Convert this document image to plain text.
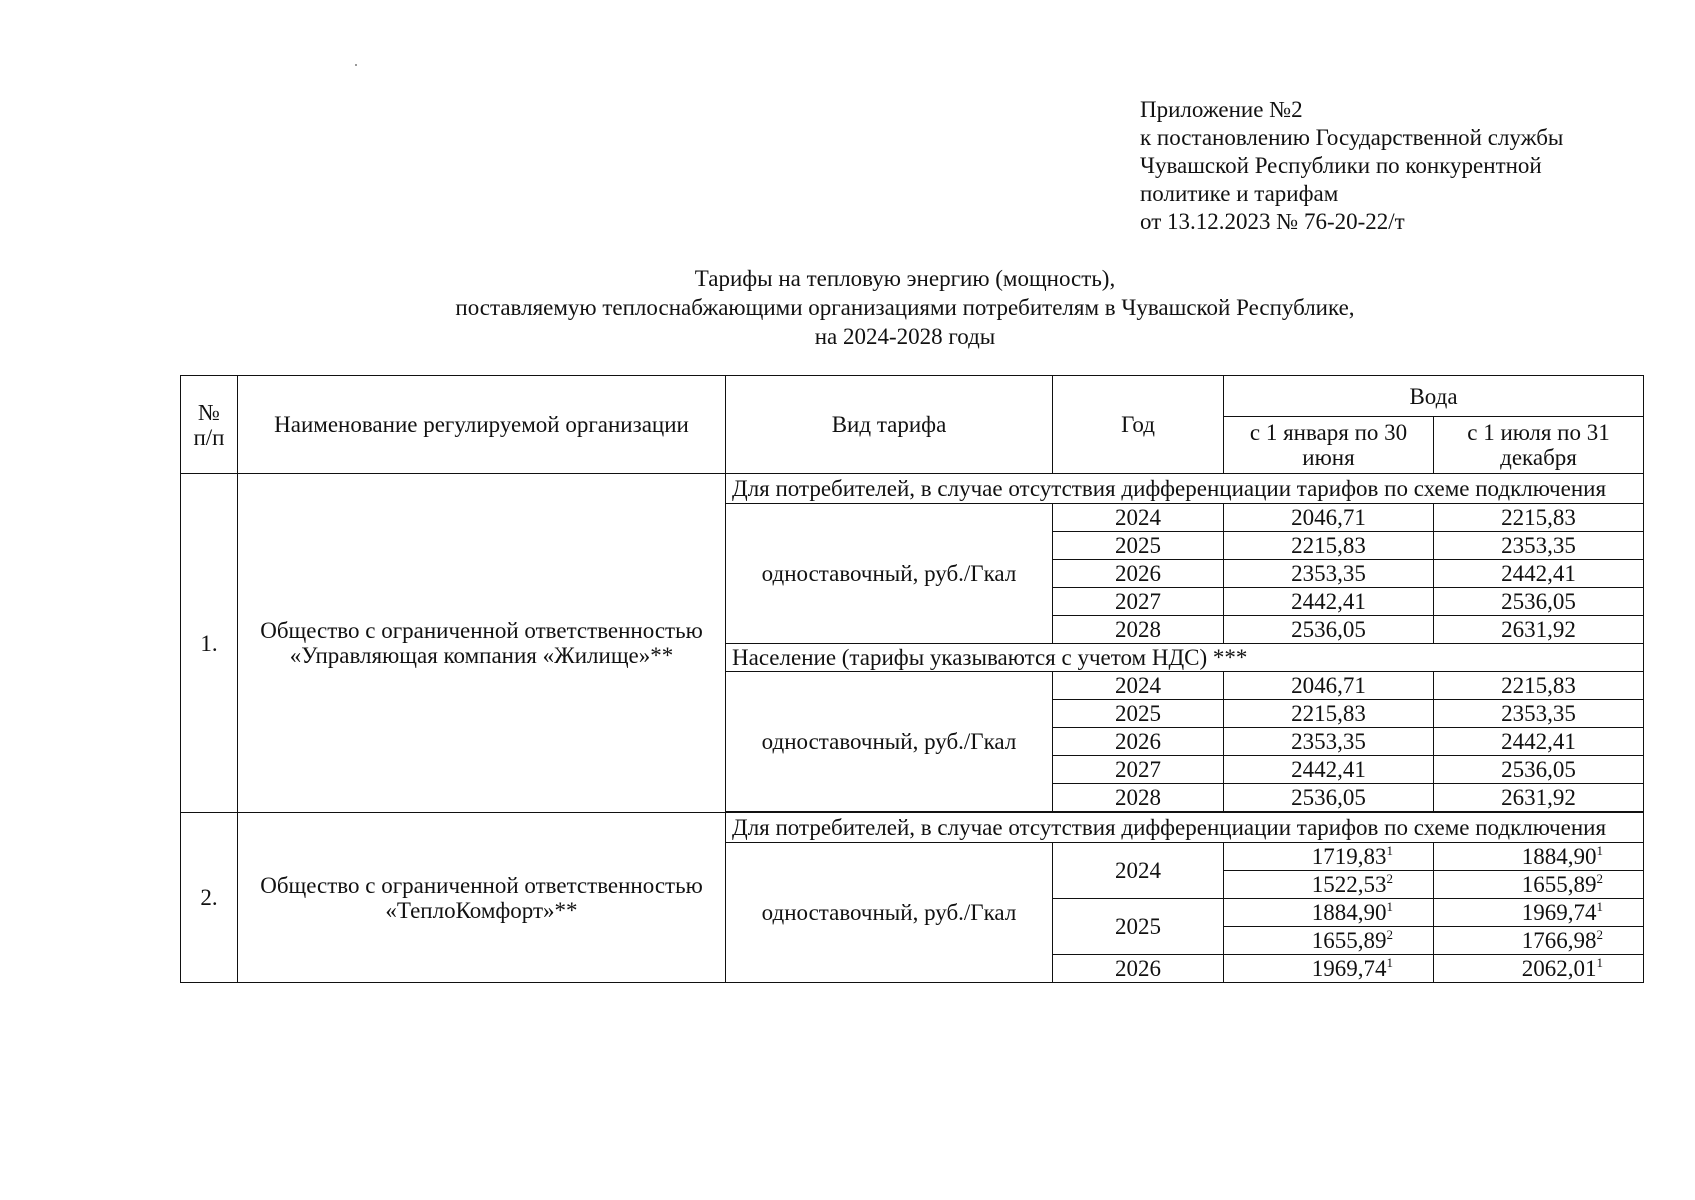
Приложение №2
к постановлению Государственной службы
Чувашской Республики по конкурентной
политике и тарифам
от 13.12.2023 № 76-20-22/т
Тарифы на тепловую энергию (мощность),
поставляемую теплоснабжающими организациями потребителям в Чувашской Республике,
на 2024-2028 годы
№ п/п	Наименование регулируемой организации	Вид тарифа	Год	Вода	
				с 1 января по 30 июня	с 1 июля по 31 декабря
1.	Общество с ограниченной ответственностью «Управляющая компания «Жилище»**	Для потребителей, в случае отсутствия дифференциации тарифов по схеме подключения			
		одноставочный, руб./Гкал	2024	2046,71	2215,83
			2025	2215,83	2353,35
			2026	2353,35	2442,41
			2027	2442,41	2536,05
			2028	2536,05	2631,92
		Население (тарифы указываются с учетом НДС) ***			
		одноставочный, руб./Гкал	2024	2046,71	2215,83
			2025	2215,83	2353,35
			2026	2353,35	2442,41
			2027	2442,41	2536,05
			2028	2536,05	2631,92

2.	Общество с ограниченной ответственностью «ТеплоКомфорт»**	Для потребителей, в случае отсутствия дифференциации тарифов по схеме подключения			
		одноставочный, руб./Гкал	2024	1719,83$^1$	1884,90$^1$
				1522,53$^2$	1655,89$^2$
			2025	1884,90$^1$	1969,74$^1$
				1655,89$^2$	1766,98$^2$
			2026	1969,74$^1$	2062,01$^1$
